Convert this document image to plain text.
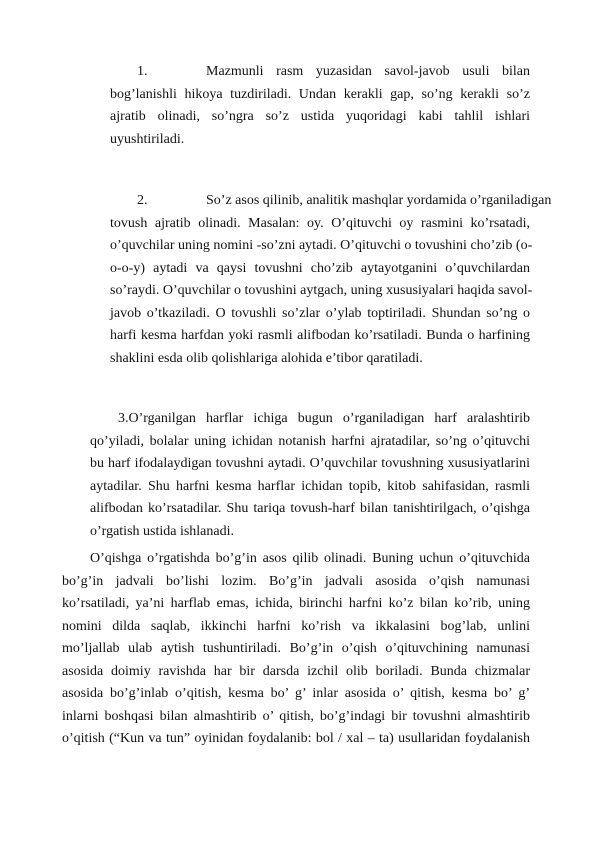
1.	Mazmunli rasm yuzasidan savol-javob usuli bilan
bog’lanishli hikoya tuzdiriladi. Undan kerakli gap, so’ng kerakli so’z
ajratib olinadi, so’ngra so’z ustida yuqoridagi kabi tahlil ishlari
uyushtiriladi.
2.	So’z asos qilinib, analitik mashqlar yordamida o’rganiladigan
tovush ajratib olinadi. Masalan: oy. O’qituvchi oy rasmini ko’rsatadi,
o’quvchilar uning nomini -so’zni aytadi. O’qituvchi o tovushini cho’zib (o-
o-o-y) aytadi va qaysi tovushni cho’zib aytayotganini o’quvchilardan
so’raydi. O’quvchilar o tovushini aytgach, uning xususiyalari haqida savol-
javob o’tkaziladi. O tovushli so’zlar o’ylab toptiriladi. Shundan so’ng o
harfi kesma harfdan yoki rasmli alifbodan ko’rsatiladi. Bunda o harfining
shaklini esda olib qolishlariga alohida e’tibor qaratiladi.
3.O’rganilgan harflar ichiga bugun o’rganiladigan harf aralashtirib
qo’yiladi, bolalar uning ichidan notanish harfni ajratadilar, so’ng o’qituvchi
bu harf ifodalaydigan tovushni aytadi. O’quvchilar tovushning xususiyatlarini
aytadilar. Shu harfni kesma harflar ichidan topib, kitob sahifasidan, rasmli
alifbodan ko’rsatadilar. Shu tariqa tovush-harf bilan tanishtirilgach, o’qishga
o’rgatish ustida ishlanadi.
O’qishga o’rgatishda bo’g’in asos qilib olinadi. Buning uchun o’qituvchida
bo’g’in jadvali bo’lishi lozim. Bo’g’in jadvali asosida o’qish namunasi
ko’rsatiladi, ya’ni harflab emas, ichida, birinchi harfni ko’z bilan ko’rib, uning
nomini dilda saqlab, ikkinchi harfni ko’rish va ikkalasini bog’lab, unlini
mo’ljallab ulab aytish tushuntiriladi. Bo’g’in o’qish o’qituvchining namunasi
asosida doimiy ravishda har bir darsda izchil olib boriladi. Bunda chizmalar
asosida bo’g’inlab o’qitish, kesma bo’ g’ inlar asosida o’ qitish, kesma bo’ g’
inlarni boshqasi bilan almashtirib o’ qitish, bo’g’indagi bir tovushni almashtirib
o’qitish (“Kun va tun” oyinidan foydalanib: bol / xal – ta) usullaridan foydalanish
